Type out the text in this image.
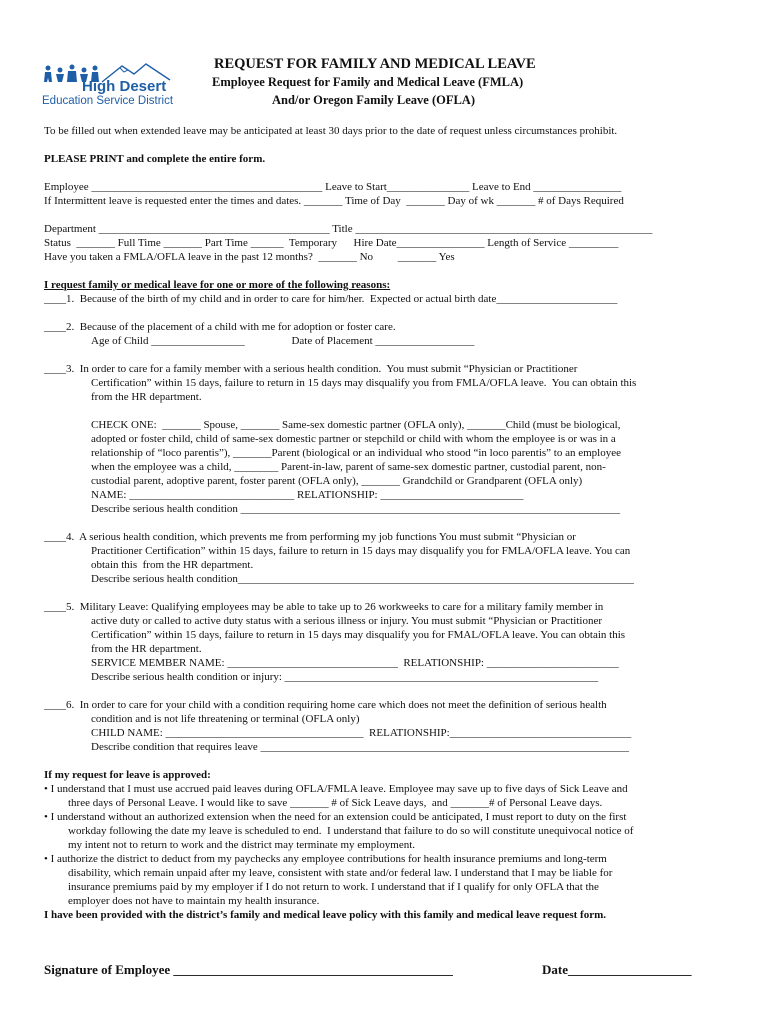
High Desert
Education Service District
REQUEST FOR FAMILY AND MEDICAL LEAVE
Employee Request for Family and Medical Leave (FMLA)
And/or Oregon Family Leave (OFLA)
To be filled out when extended leave may be anticipated at least 30 days prior to the date of request unless circumstances prohibit.
PLEASE PRINT and complete the entire form.
Employee __________________________________________ Leave to Start_______________ Leave to End ________________
If Intermittent leave is requested enter the times and dates. _______ Time of Day  _______ Day of wk _______ # of Days Required
Department __________________________________________ Title ______________________________________________________
Status  _______ Full Time _______ Part Time ______  Temporary      Hire Date________________ Length of Service _________
Have you taken a FMLA/OFLA leave in the past 12 months?  _______ No         _______ Yes
I request family or medical leave for one or more of the following reasons:
____1.  Because of the birth of my child and in order to care for him/her.  Expected or actual birth date______________________
____2.  Because of the placement of a child with me for adoption or foster care.
Age of Child _________________                 Date of Placement __________________
____3.  In order to care for a family member with a serious health condition.  You must submit “Physician or Practitioner
Certification” within 15 days, failure to return in 15 days may disqualify you from FMLA/OFLA leave.  You can obtain this
from the HR department.
CHECK ONE:  _______ Spouse, _______ Same-sex domestic partner (OFLA only), _______Child (must be biological,
adopted or foster child, child of same-sex domestic partner or stepchild or child with whom the employee is or was in a
relationship of “loco parentis”), _______Parent (biological or an individual who stood “in loco parentis” to an employee
when the employee was a child, ________ Parent-in-law, parent of same-sex domestic partner, custodial parent, non-
custodial parent, adoptive parent, foster parent (OFLA only), _______ Grandchild or Grandparent (OFLA only)
NAME: ______________________________ RELATIONSHIP: __________________________
Describe serious health condition _____________________________________________________________________
____4.  A serious health condition, which prevents me from performing my job functions You must submit “Physician or
Practitioner Certification” within 15 days, failure to return in 15 days may disqualify you for FMLA/OFLA leave. You can
obtain this  from the HR department.
Describe serious health condition________________________________________________________________________
____5.  Military Leave: Qualifying employees may be able to take up to 26 workweeks to care for a military family member in
active duty or called to active duty status with a serious illness or injury. You must submit “Physician or Practitioner
Certification” within 15 days, failure to return in 15 days may disqualify you for FMAL/OFLA leave. You can obtain this
from the HR department.
SERVICE MEMBER NAME: _______________________________  RELATIONSHIP: ________________________
Describe serious health condition or injury: _________________________________________________________
____6.  In order to care for your child with a condition requiring home care which does not meet the definition of serious health
condition and is not life threatening or terminal (OFLA only)
CHILD NAME: ____________________________________  RELATIONSHIP:_________________________________
Describe condition that requires leave ___________________________________________________________________
If my request for leave is approved:
• I understand that I must use accrued paid leaves during OFLA/FMLA leave. Employee may save up to five days of Sick Leave and
three days of Personal Leave. I would like to save _______ # of Sick Leave days,  and _______# of Personal Leave days.
• I understand without an authorized extension when the need for an extension could be anticipated, I must report to duty on the first
workday following the date my leave is scheduled to end.  I understand that failure to do so will constitute unequivocal notice of
my intent not to return to work and the district may terminate my employment.
• I authorize the district to deduct from my paychecks any employee contributions for health insurance premiums and long-term
disability, which remain unpaid after my leave, consistent with state and/or federal law. I understand that I may be liable for
insurance premiums paid by my employer if I do not return to work. I understand that if I qualify for only OFLA that the
employer does not have to maintain my health insurance.
I have been provided with the district’s family and medical leave policy with this family and medical leave request form.
Signature of Employee ___________________________________________	Date___________________
